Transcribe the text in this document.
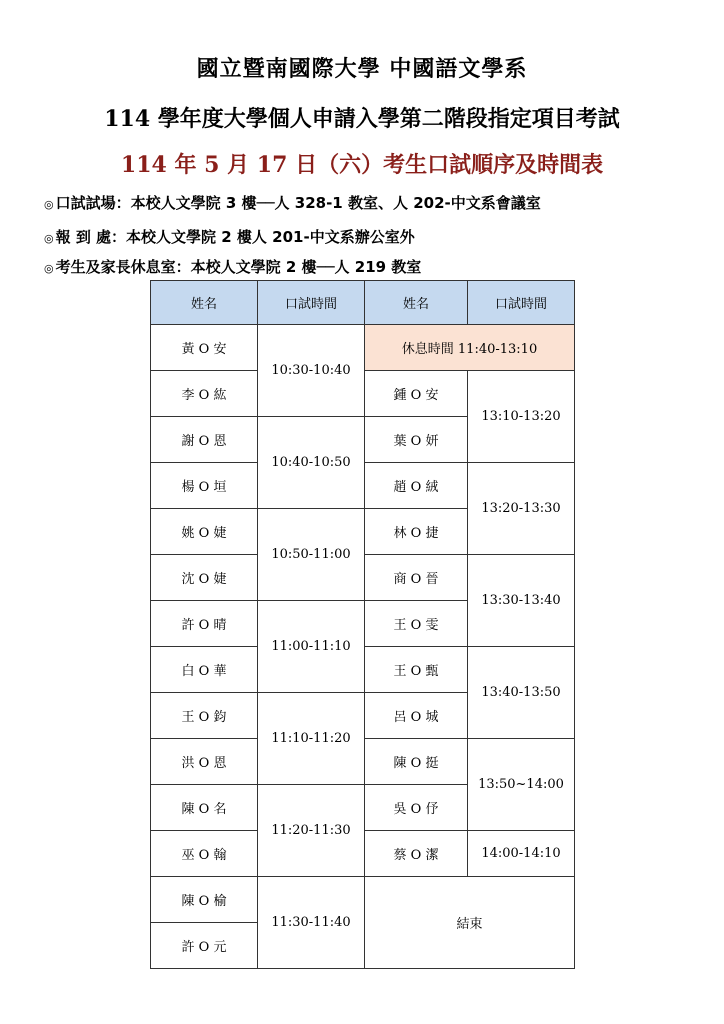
國立暨南國際大學 中國語文學系
114 學年度大學個人申請入學第二階段指定項目考試
114 年 5 月 17 日（六）考生口試順序及時間表
◎ 口試試場：本校人文學院 3 樓──人 328-1 教室、人 202-中文系會議室
◎ 報 到 處：本校人文學院 2 樓人 201-中文系辦公室外
◎ 考生及家長休息室：本校人文學院 2 樓──人 219 教室
姓名	口試時間	姓名	口試時間
黃 O 安	10:30-10:40	休息時間 11:40-13:10	
李 O 紘		鍾 O 安	13:10-13:20
謝 O 恩	10:40-10:50	葉 O 妍	
楊 O 垣		趙 O 絨	13:20-13:30
姚 O 婕	10:50-11:00	林 O 捷	
沈 O 婕		商 O 晉	13:30-13:40
許 O 晴	11:00-11:10	王 O 雯	
白 O 華		王 O 甄	13:40-13:50
王 O 鈞	11:10-11:20	呂 O 城	
洪 O 恩		陳 O 挺	13:50~14:00
陳 O 名	11:20-11:30	吳 O 伃	
巫 O 翰		蔡 O 潔	14:00-14:10
陳 O 榆	11:30-11:40	結束	
許 O 元			
